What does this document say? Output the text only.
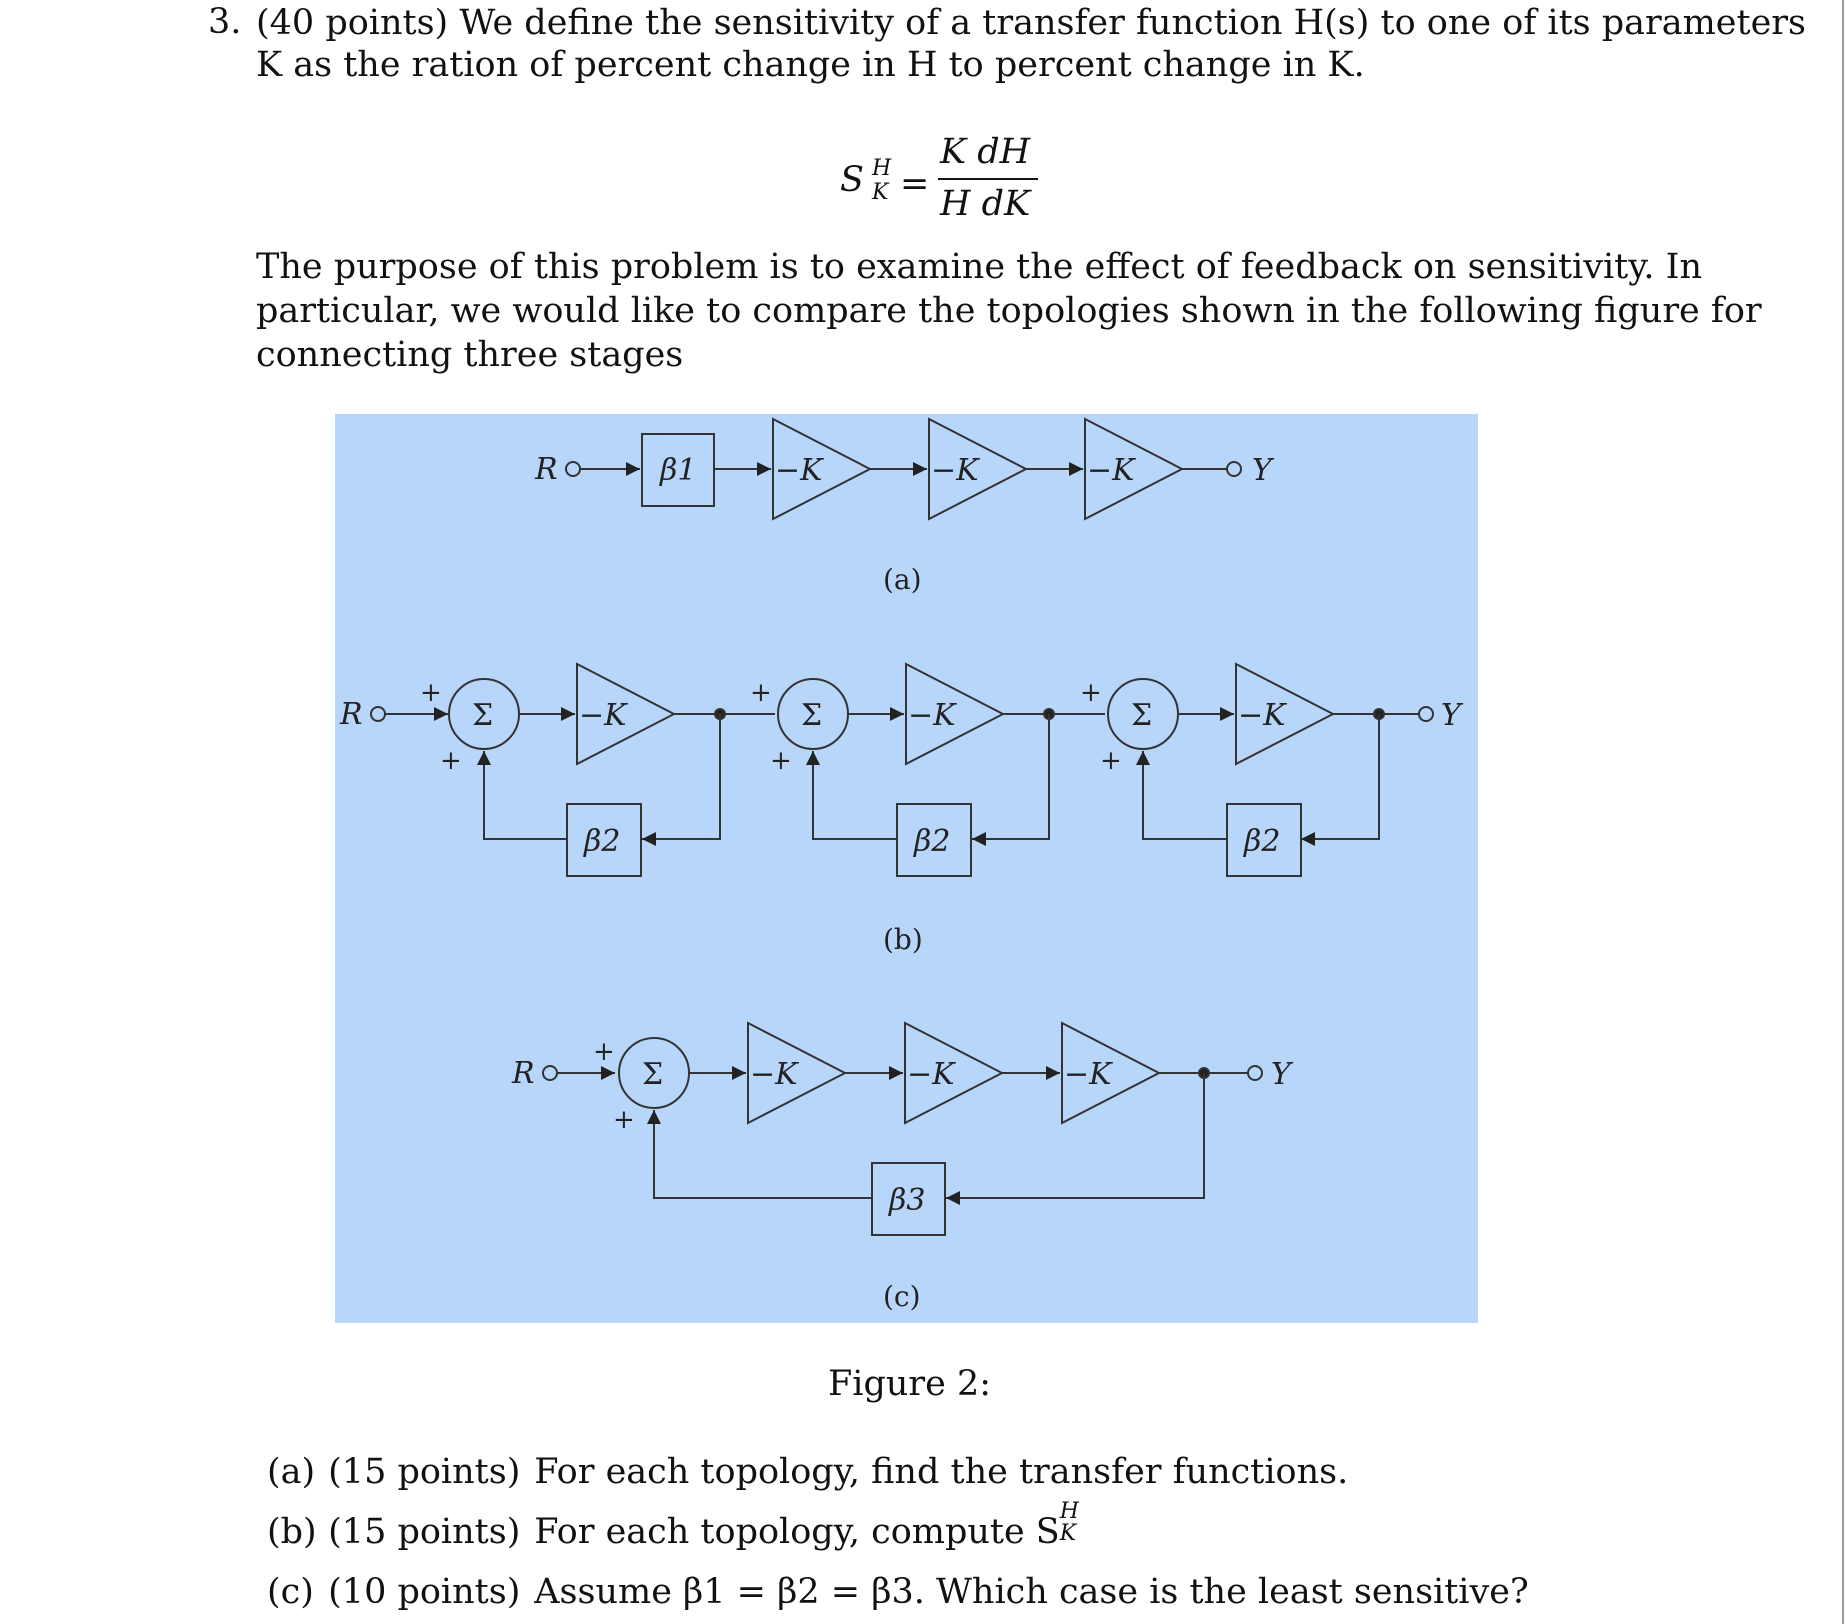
3. (40 points) We define the sensitivity of a transfer function H(s) to one of its parameters
K as the ration of percent change in H to percent change in K.
S H
K =
K dH
H dK
The purpose of this problem is to examine the effect of feedback on sensitivity. In
particular, we would like to compare the topologies shown in the following figure for
connecting three stages
R	β1	−K	−K	−K	Y
(a)
R
+
+
Σ	−K
β2
+
+
Σ	−K
β2
+
+
Σ	−K
β2
Y
(b)
R
+
+
Σ	−K	−K	−K
β3
Y
(c)
Figure 2:
(a) (15 points) For each topology, find the transfer functions.
(b) (15 points) For each topology, compute S
H
K
(c) (10 points) Assume β1 = β2 = β3. Which case is the least sensitive?
